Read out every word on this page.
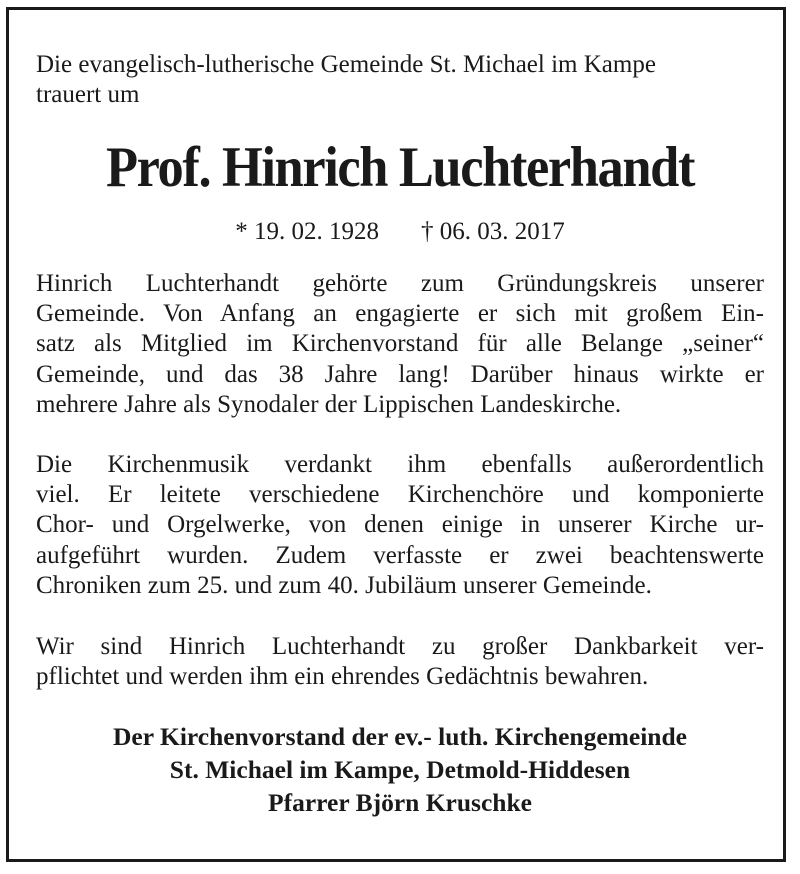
Die evangelisch-lutherische Gemeinde St. Michael im Kampe
trauert um

Prof. Hinrich Luchterhandt
* 19. 02. 1928 † 06. 03. 2017
Hinrich Luchterhandt gehörte zum Gründungskreis unserer
Gemeinde. Von Anfang an engagierte er sich mit großem Ein-
satz als Mitglied im Kirchenvorstand für alle Belange „seiner“
Gemeinde, und das 38 Jahre lang! Darüber hinaus wirkte er
mehrere Jahre als Synodaler der Lippischen Landeskirche.
Die Kirchenmusik verdankt ihm ebenfalls außerordentlich
viel. Er leitete verschiedene Kirchenchöre und komponierte
Chor- und Orgelwerke, von denen einige in unserer Kirche ur-
aufgeführt wurden. Zudem verfasste er zwei beachtenswerte
Chroniken zum 25. und zum 40. Jubiläum unserer Gemeinde.
Wir sind Hinrich Luchterhandt zu großer Dankbarkeit ver-
pflichtet und werden ihm ein ehrendes Gedächtnis bewahren.
Der Kirchenvorstand der ev.- luth. Kirchengemeinde
St. Michael im Kampe, Detmold-Hiddesen
Pfarrer Björn Kruschke
